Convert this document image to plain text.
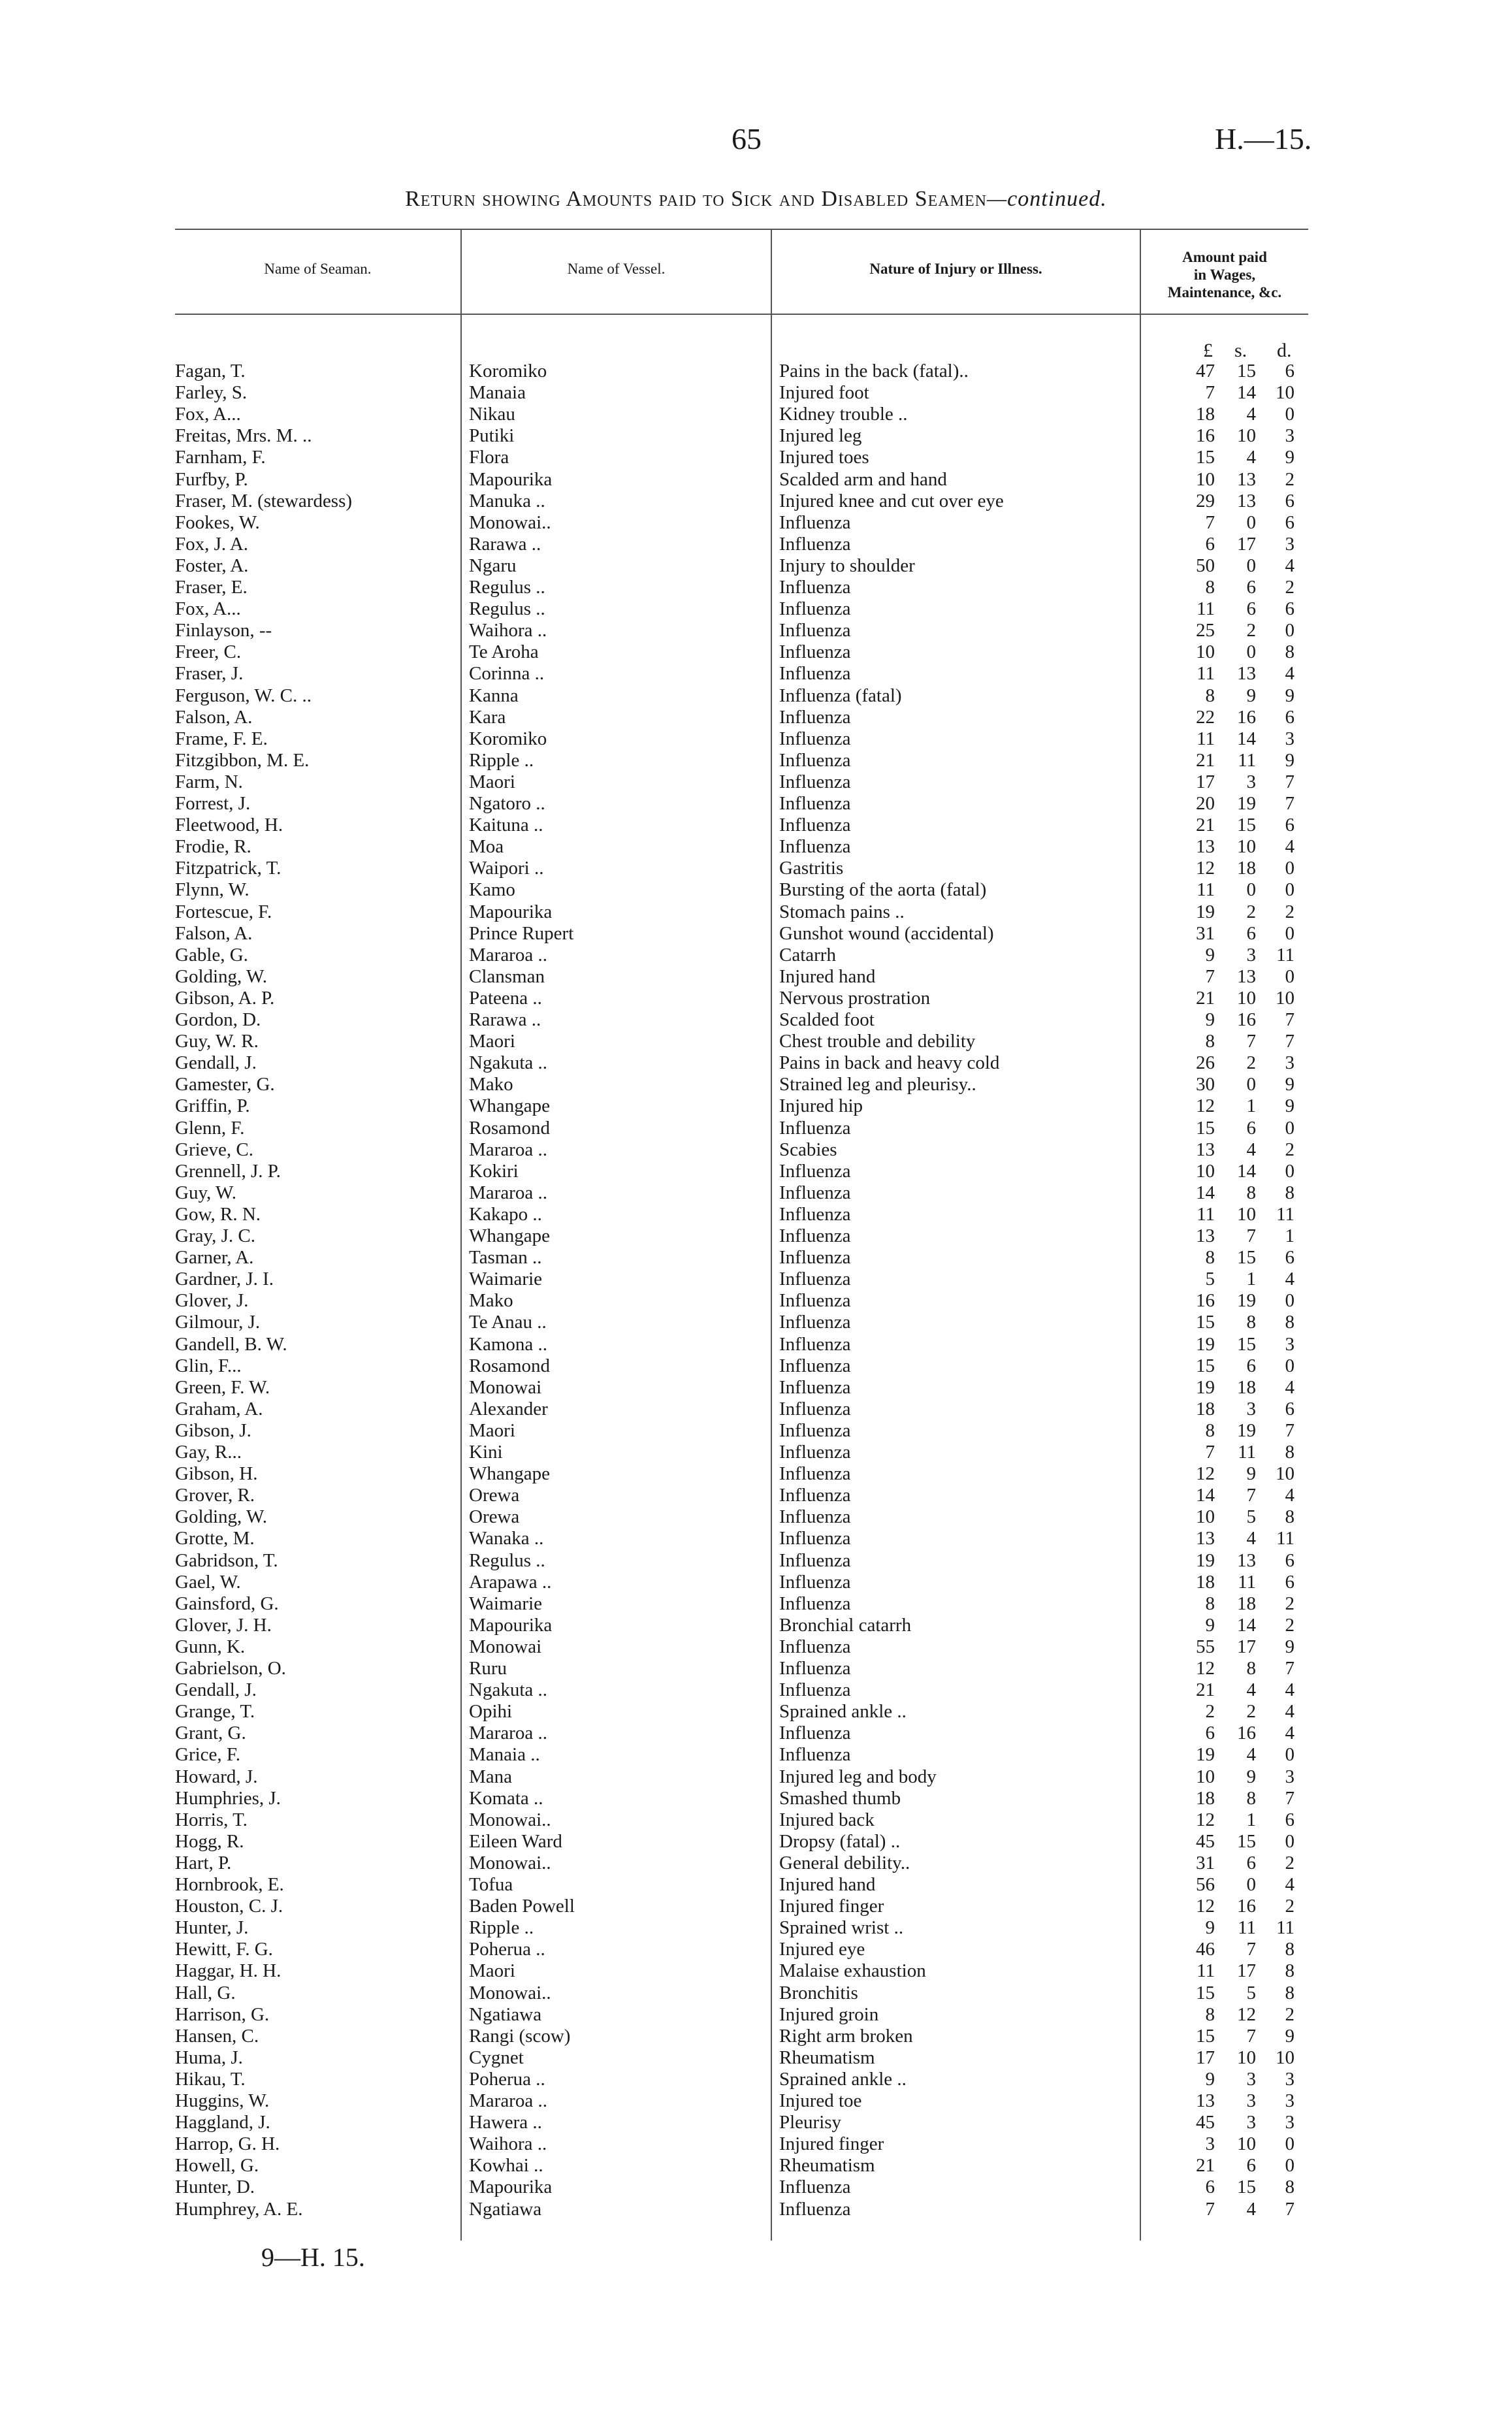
65	H.—15.
Return showing Amounts paid to Sick and Disabled Seamen—continued.
Name of Seaman.	Name of Vessel.	Nature of Injury or Illness.
Amount paid
in Wages,
Maintenance, &c.
£ s. d.
Fagan, T.	Koromiko	Pains in the back (fatal)..	47	15	6
Farley, S.	Manaia	Injured foot	7	14	10
Fox, A...	Nikau	Kidney trouble ..	18	4	0
Freitas, Mrs. M. ..	Putiki	Injured leg	16	10	3
Farnham, F.	Flora	Injured toes	15	4	9
Furfby, P.	Mapourika	Scalded arm and hand	10	13	2
Fraser, M. (stewardess)	Manuka ..	Injured knee and cut over eye	29	13	6
Fookes, W.	Monowai..	Influenza	7	0	6
Fox, J. A.	Rarawa ..	Influenza	6	17	3
Foster, A.	Ngaru	Injury to shoulder	50	0	4
Fraser, E.	Regulus ..	Influenza	8	6	2
Fox, A...	Regulus ..	Influenza	11	6	6
Finlayson, --	Waihora ..	Influenza	25	2	0
Freer, C.	Te Aroha	Influenza	10	0	8
Fraser, J.	Corinna ..	Influenza	11	13	4
Ferguson, W. C. ..	Kanna	Influenza (fatal)	8	9	9
Falson, A.	Kara	Influenza	22	16	6
Frame, F. E.	Koromiko	Influenza	11	14	3
Fitzgibbon, M. E.	Ripple ..	Influenza	21	11	9
Farm, N.	Maori	Influenza	17	3	7
Forrest, J.	Ngatoro ..	Influenza	20	19	7
Fleetwood, H.	Kaituna ..	Influenza	21	15	6
Frodie, R.	Moa	Influenza	13	10	4
Fitzpatrick, T.	Waipori ..	Gastritis	12	18	0
Flynn, W.	Kamo	Bursting of the aorta (fatal)	11	0	0
Fortescue, F.	Mapourika	Stomach pains ..	19	2	2
Falson, A.	Prince Rupert	Gunshot wound (accidental)	31	6	0
Gable, G.	Mararoa ..	Catarrh	9	3	11
Golding, W.	Clansman	Injured hand	7	13	0
Gibson, A. P.	Pateena ..	Nervous prostration	21	10	10
Gordon, D.	Rarawa ..	Scalded foot	9	16	7
Guy, W. R.	Maori	Chest trouble and debility	8	7	7
Gendall, J.	Ngakuta ..	Pains in back and heavy cold	26	2	3
Gamester, G.	Mako	Strained leg and pleurisy..	30	0	9
Griffin, P.	Whangape	Injured hip	12	1	9
Glenn, F.	Rosamond	Influenza	15	6	0
Grieve, C.	Mararoa ..	Scabies	13	4	2
Grennell, J. P.	Kokiri	Influenza	10	14	0
Guy, W.	Mararoa ..	Influenza	14	8	8
Gow, R. N.	Kakapo ..	Influenza	11	10	11
Gray, J. C.	Whangape	Influenza	13	7	1
Garner, A.	Tasman ..	Influenza	8	15	6
Gardner, J. I.	Waimarie	Influenza	5	1	4
Glover, J.	Mako	Influenza	16	19	0
Gilmour, J.	Te Anau ..	Influenza	15	8	8
Gandell, B. W.	Kamona ..	Influenza	19	15	3
Glin, F...	Rosamond	Influenza	15	6	0
Green, F. W.	Monowai	Influenza	19	18	4
Graham, A.	Alexander	Influenza	18	3	6
Gibson, J.	Maori	Influenza	8	19	7
Gay, R...	Kini	Influenza	7	11	8
Gibson, H.	Whangape	Influenza	12	9	10
Grover, R.	Orewa	Influenza	14	7	4
Golding, W.	Orewa	Influenza	10	5	8
Grotte, M.	Wanaka ..	Influenza	13	4	11
Gabridson, T.	Regulus ..	Influenza	19	13	6
Gael, W.	Arapawa ..	Influenza	18	11	6
Gainsford, G.	Waimarie	Influenza	8	18	2
Glover, J. H.	Mapourika	Bronchial catarrh	9	14	2
Gunn, K.	Monowai	Influenza	55	17	9
Gabrielson, O.	Ruru	Influenza	12	8	7
Gendall, J.	Ngakuta ..	Influenza	21	4	4
Grange, T.	Opihi	Sprained ankle ..	2	2	4
Grant, G.	Mararoa ..	Influenza	6	16	4
Grice, F.	Manaia ..	Influenza	19	4	0
Howard, J.	Mana	Injured leg and body	10	9	3
Humphries, J.	Komata ..	Smashed thumb	18	8	7
Horris, T.	Monowai..	Injured back	12	1	6
Hogg, R.	Eileen Ward	Dropsy (fatal) ..	45	15	0
Hart, P.	Monowai..	General debility..	31	6	2
Hornbrook, E.	Tofua	Injured hand	56	0	4
Houston, C. J.	Baden Powell	Injured finger	12	16	2
Hunter, J.	Ripple ..	Sprained wrist ..	9	11	11
Hewitt, F. G.	Poherua ..	Injured eye	46	7	8
Haggar, H. H.	Maori	Malaise exhaustion	11	17	8
Hall, G.	Monowai..	Bronchitis	15	5	8
Harrison, G.	Ngatiawa	Injured groin	8	12	2
Hansen, C.	Rangi (scow)	Right arm broken	15	7	9
Huma, J.	Cygnet	Rheumatism	17	10	10
Hikau, T.	Poherua ..	Sprained ankle ..	9	3	3
Huggins, W.	Mararoa ..	Injured toe	13	3	3
Haggland, J.	Hawera ..	Pleurisy	45	3	3
Harrop, G. H.	Waihora ..	Injured finger	3	10	0
Howell, G.	Kowhai ..	Rheumatism	21	6	0
Hunter, D.	Mapourika	Influenza	6	15	8
Humphrey, A. E.	Ngatiawa	Influenza	7	4	7
9—H. 15.
